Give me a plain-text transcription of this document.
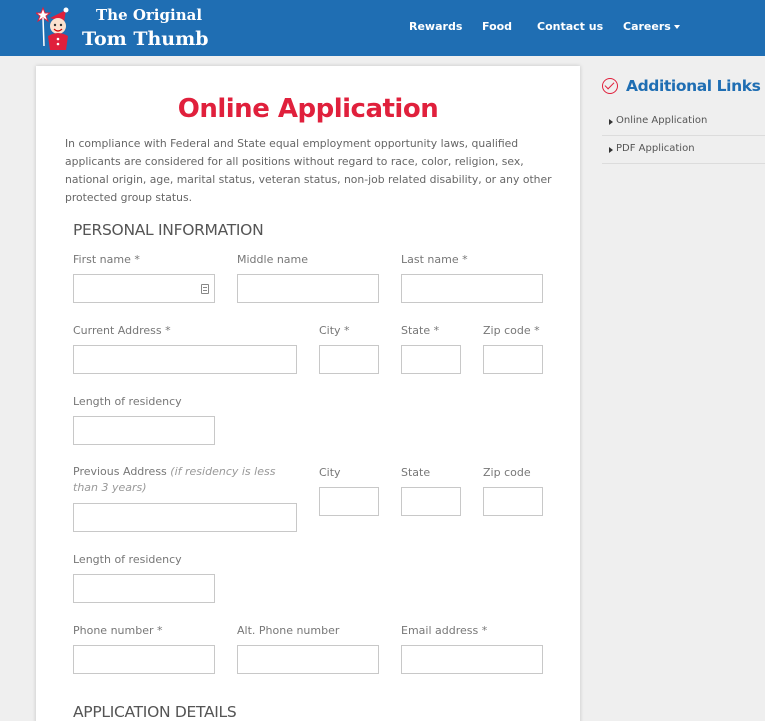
The Original
Tom Thumb
Rewards Food Contact us Careers
Online Application
In compliance with Federal and State equal employment opportunity laws, qualified applicants are considered for all positions without regard to race, color, religion, sex, national origin, age, marital status, veteran status, non-job related disability, or any other protected group status.
PERSONAL INFORMATION
First name *	Middle name	Last name *
Current Address *	City *	State *	Zip code *
Length of residency
Previous Address (if residency is less than 3 years)
City	State	Zip code
Length of residency
Phone number *	Alt. Phone number	Email address *
APPLICATION DETAILS
Additional Links
Online Application
PDF Application
